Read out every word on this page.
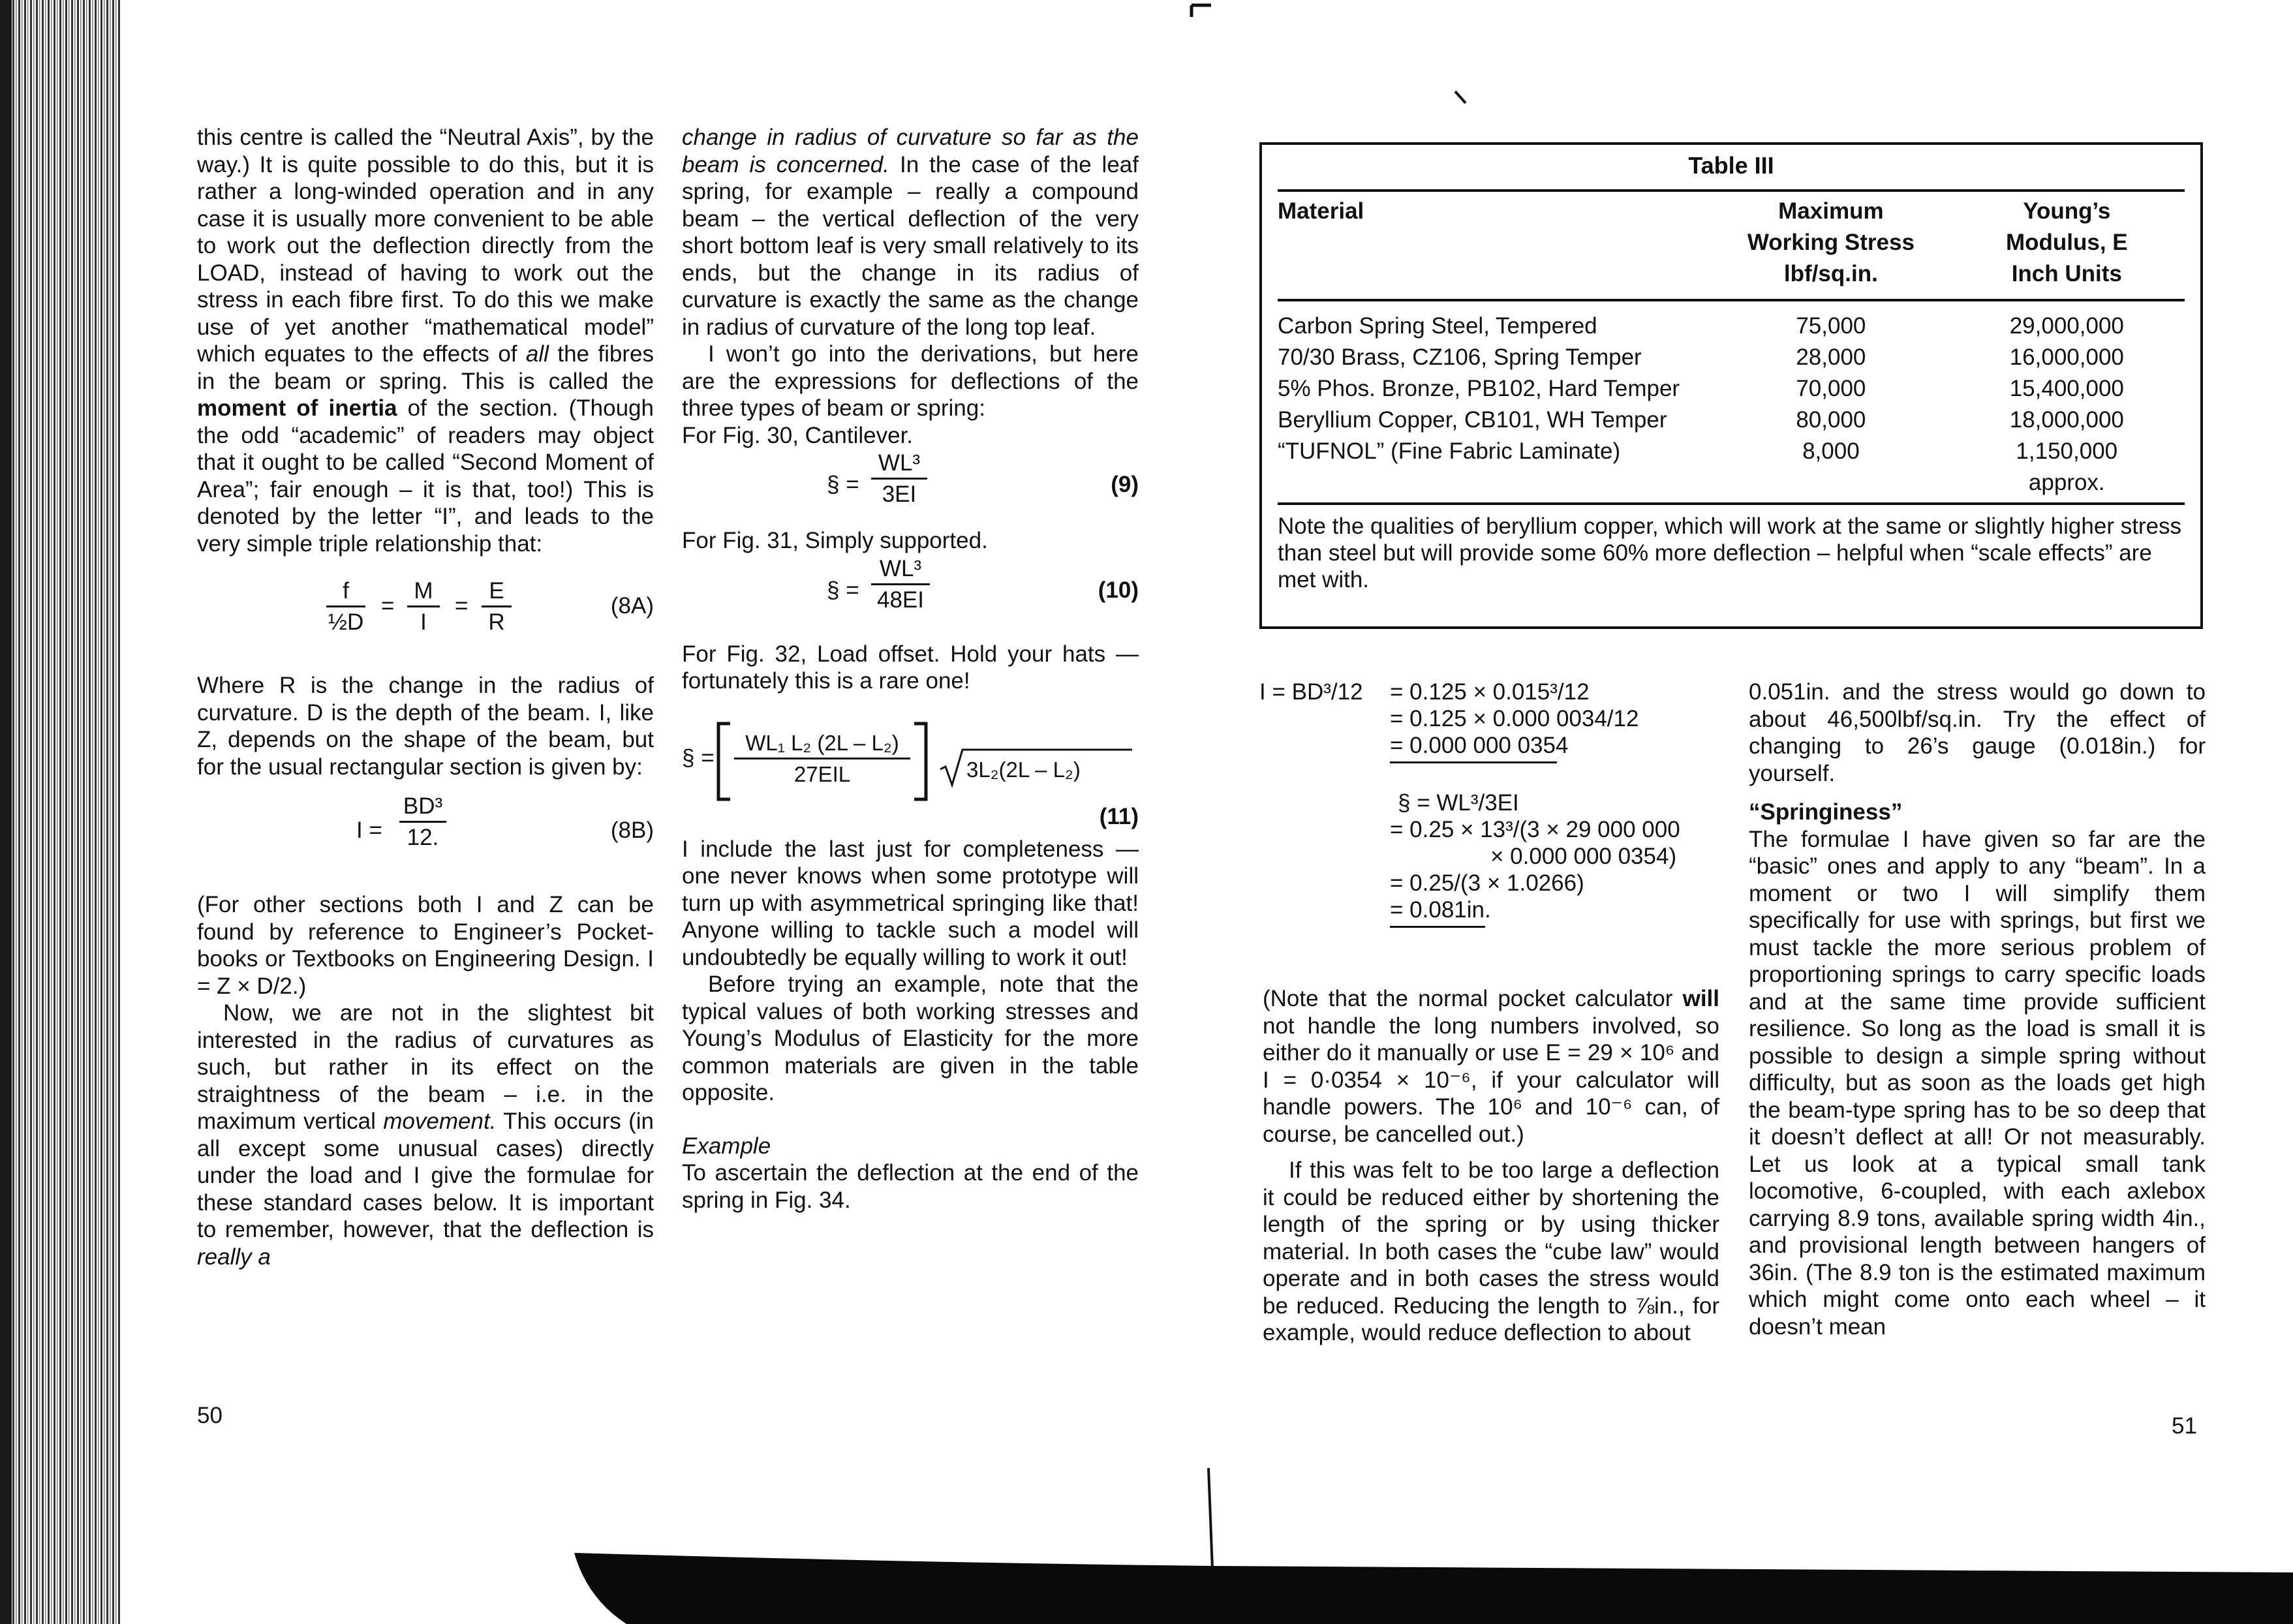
this centre is called the “Neutral Axis”, by the way.) It is quite possible to do this, but it is rather a long-winded operation and in any case it is usually more convenient to be able to work out the deflection directly from the LOAD, instead of having to work out the stress in each fibre first. To do this we make use of yet another “mathematical model” which equates to the effects of all the fibres in the beam or spring. This is called the moment of inertia of the section. (Though the odd “academic” of readers may object that it ought to be called “Second Moment of Area”; fair enough – it is that, too!) This is denoted by the letter “I”, and leads to the very simple triple relationship that:

$\frac{f}{\text{½D}} = \frac{M}{I} = \frac{E}{R}$	(8A)

Where R is the change in the radius of curvature. D is the depth of the beam. I, like Z, depends on the shape of the beam, but for the usual rectangular section is given by:

$I = \frac{\text{BD³}}{12.}$	(8B)

(For other sections both I and Z can be found by reference to Engineer’s Pocket-books or Textbooks on Engineering Design. I = Z × D/2.)

Now, we are not in the slightest bit interested in the radius of curvatures as such, but rather in its effect on the straightness of the beam – i.e. in the maximum vertical movement. This occurs (in all except some unusual cases) directly under the load and I give the formulae for these standard cases below. It is important to remember, however, that the deflection is really a

change in radius of curvature so far as the beam is concerned. In the case of the leaf spring, for example – really a compound beam – the vertical deflection of the very short bottom leaf is very small relatively to its ends, but the change in its radius of curvature is exactly the same as the change in radius of curvature of the long top leaf.

I won’t go into the derivations, but here are the expressions for deflections of the three types of beam or spring:

For Fig. 30, Cantilever.

§ = $\frac{\text{WL³}}{3EI}$	(9)

For Fig. 31, Simply supported.

§ = $\frac{\text{WL³}}{48EI}$	(10)

For Fig. 32, Load offset. Hold your hats — fortunately this is a rare one!

§ =
WL₁ L₂ (2L – L₂)
27EIL	3L₂(2L – L₂)
(11)

I include the last just for completeness — one never knows when some prototype will turn up with asymmetrical springing like that! Anyone willing to tackle such a model will undoubtedly be equally willing to work it out!

Before trying an example, note that the typical values of both working stresses and Young’s Modulus of Elasticity for the more common materials are given in the table opposite.

Example

To ascertain the deflection at the end of the spring in Fig. 34.

50
Table III
Material	Maximum Working Stress lbf/sq.in.	Young’s Modulus, E Inch Units

Carbon Spring Steel, Tempered	75,000	29,000,000
70/30 Brass, CZ106, Spring Temper	28,000	16,000,000
5% Phos. Bronze, PB102, Hard Temper	70,000	15,400,000
Beryllium Copper, CB101, WH Temper	80,000	18,000,000
“TUFNOL” (Fine Fabric Laminate)	8,000	1,150,000
		approx.
Note the qualities of beryllium copper, which will work at the same or slightly higher stress than steel but will provide some 60% more deflection – helpful when “scale effects” are met with.
I = BD³/12	= 0.125 × 0.015³/12
= 0.125 × 0.000 0034/12
= 0.000 000 0354
§ = WL³/3EI
= 0.25 × 13³/(3 × 29 000 000
× 0.000 000 0354)
= 0.25/(3 × 1.0266)
= 0.081in.

(Note that the normal pocket calculator will not handle the long numbers involved, so either do it manually or use E = 29 × 10⁶ and I = 0·0354 × 10⁻⁶, if your calculator will handle powers. The 10⁶ and 10⁻⁶ can, of course, be cancelled out.)

If this was felt to be too large a deflection it could be reduced either by shortening the length of the spring or by using thicker material. In both cases the “cube law” would operate and in both cases the stress would be reduced. Reducing the length to ⅞in., for example, would reduce deflection to about

0.051in. and the stress would go down to about 46,500lbf/sq.in. Try the effect of changing to 26’s gauge (0.018in.) for yourself.

“Springiness”

The formulae I have given so far are the “basic” ones and apply to any “beam”. In a moment or two I will simplify them specifically for use with springs, but first we must tackle the more serious problem of proportioning springs to carry specific loads and at the same time provide sufficient resilience. So long as the load is small it is possible to design a simple spring without difficulty, but as soon as the loads get high the beam-type spring has to be so deep that it doesn’t deflect at all! Or not measurably. Let us look at a typical small tank locomotive, 6-coupled, with each axlebox carrying 8.9 tons, available spring width 4in., and provisional length between hangers of 36in. (The 8.9 ton is the estimated maximum which might come onto each wheel – it doesn’t mean

51
